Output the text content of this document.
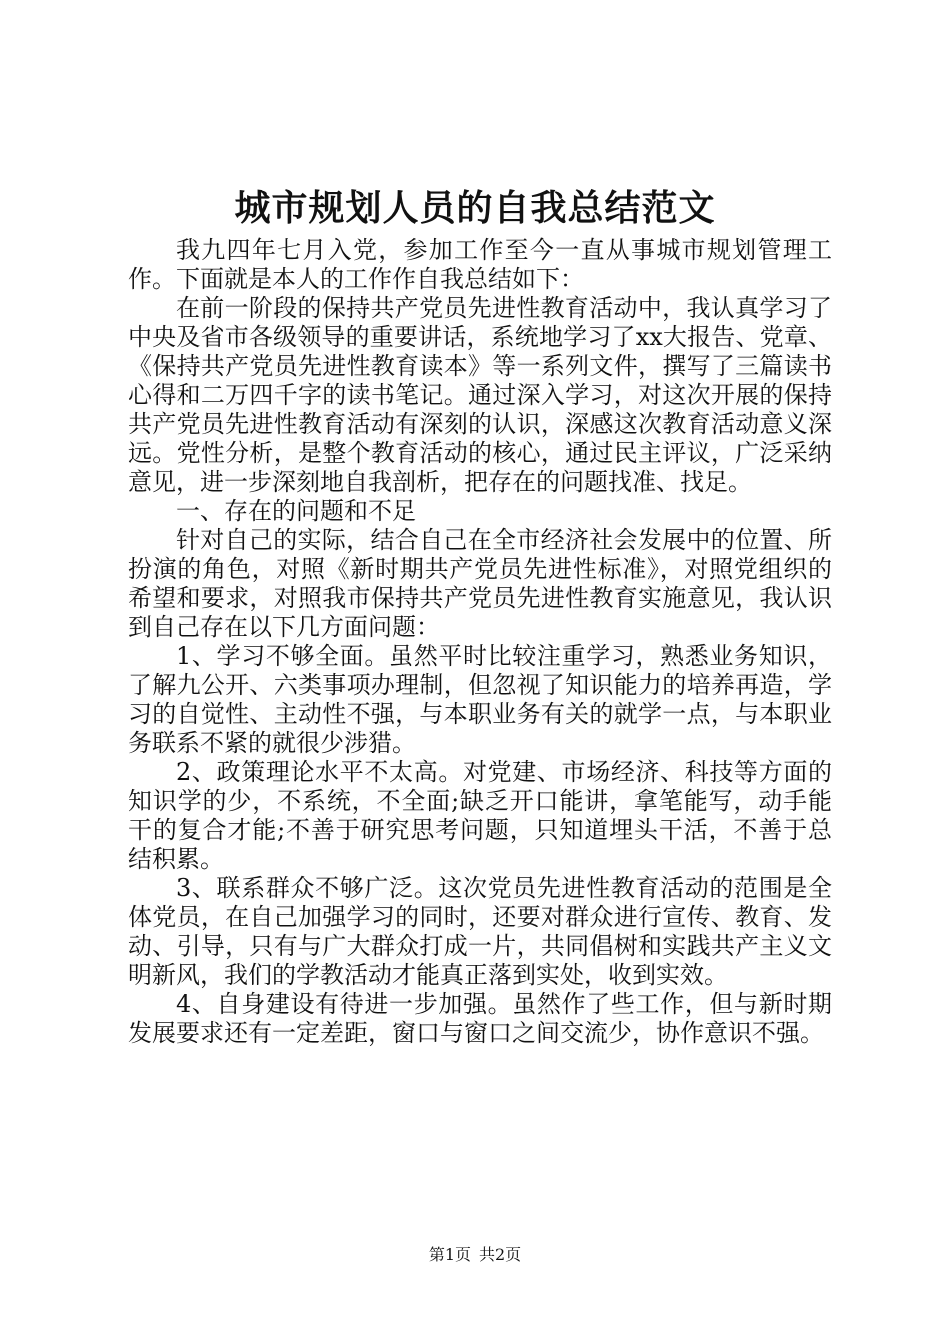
城市规划人员的自我总结范文

我九四年七月入党，参加工作至今一直从事城市规划管理工作。下面就是本人的工作作自我总结如下：

在前一阶段的保持共产党员先进性教育活动中，我认真学习了中央及省市各级领导的重要讲话，系统地学习了xx大报告、党章、《保持共产党员先进性教育读本》等一系列文件，撰写了三篇读书心得和二万四千字的读书笔记。通过深入学习，对这次开展的保持共产党员先进性教育活动有深刻的认识，深感这次教育活动意义深远。党性分析，是整个教育活动的核心，通过民主评议，广泛采纳意见，进一步深刻地自我剖析，把存在的问题找准、找足。

一、存在的问题和不足

针对自己的实际，结合自己在全市经济社会发展中的位置、所扮演的角色，对照《新时期共产党员先进性标准》，对照党组织的希望和要求，对照我市保持共产党员先进性教育实施意见，我认识到自己存在以下几方面问题：

1、学习不够全面。虽然平时比较注重学习，熟悉业务知识，了解九公开、六类事项办理制，但忽视了知识能力的培养再造，学习的自觉性、主动性不强，与本职业务有关的就学一点，与本职业务联系不紧的就很少涉猎。

2、政策理论水平不太高。对党建、市场经济、科技等方面的知识学的少，不系统，不全面;缺乏开口能讲，拿笔能写，动手能干的复合才能;不善于研究思考问题，只知道埋头干活，不善于总结积累。

3、联系群众不够广泛。这次党员先进性教育活动的范围是全体党员，在自己加强学习的同时，还要对群众进行宣传、教育、发动、引导，只有与广大群众打成一片，共同倡树和实践共产主义文明新风，我们的学教活动才能真正落到实处，收到实效。

4、自身建设有待进一步加强。虽然作了些工作，但与新时期发展要求还有一定差距，窗口与窗口之间交流少，协作意识不强。

第1页 共2页
